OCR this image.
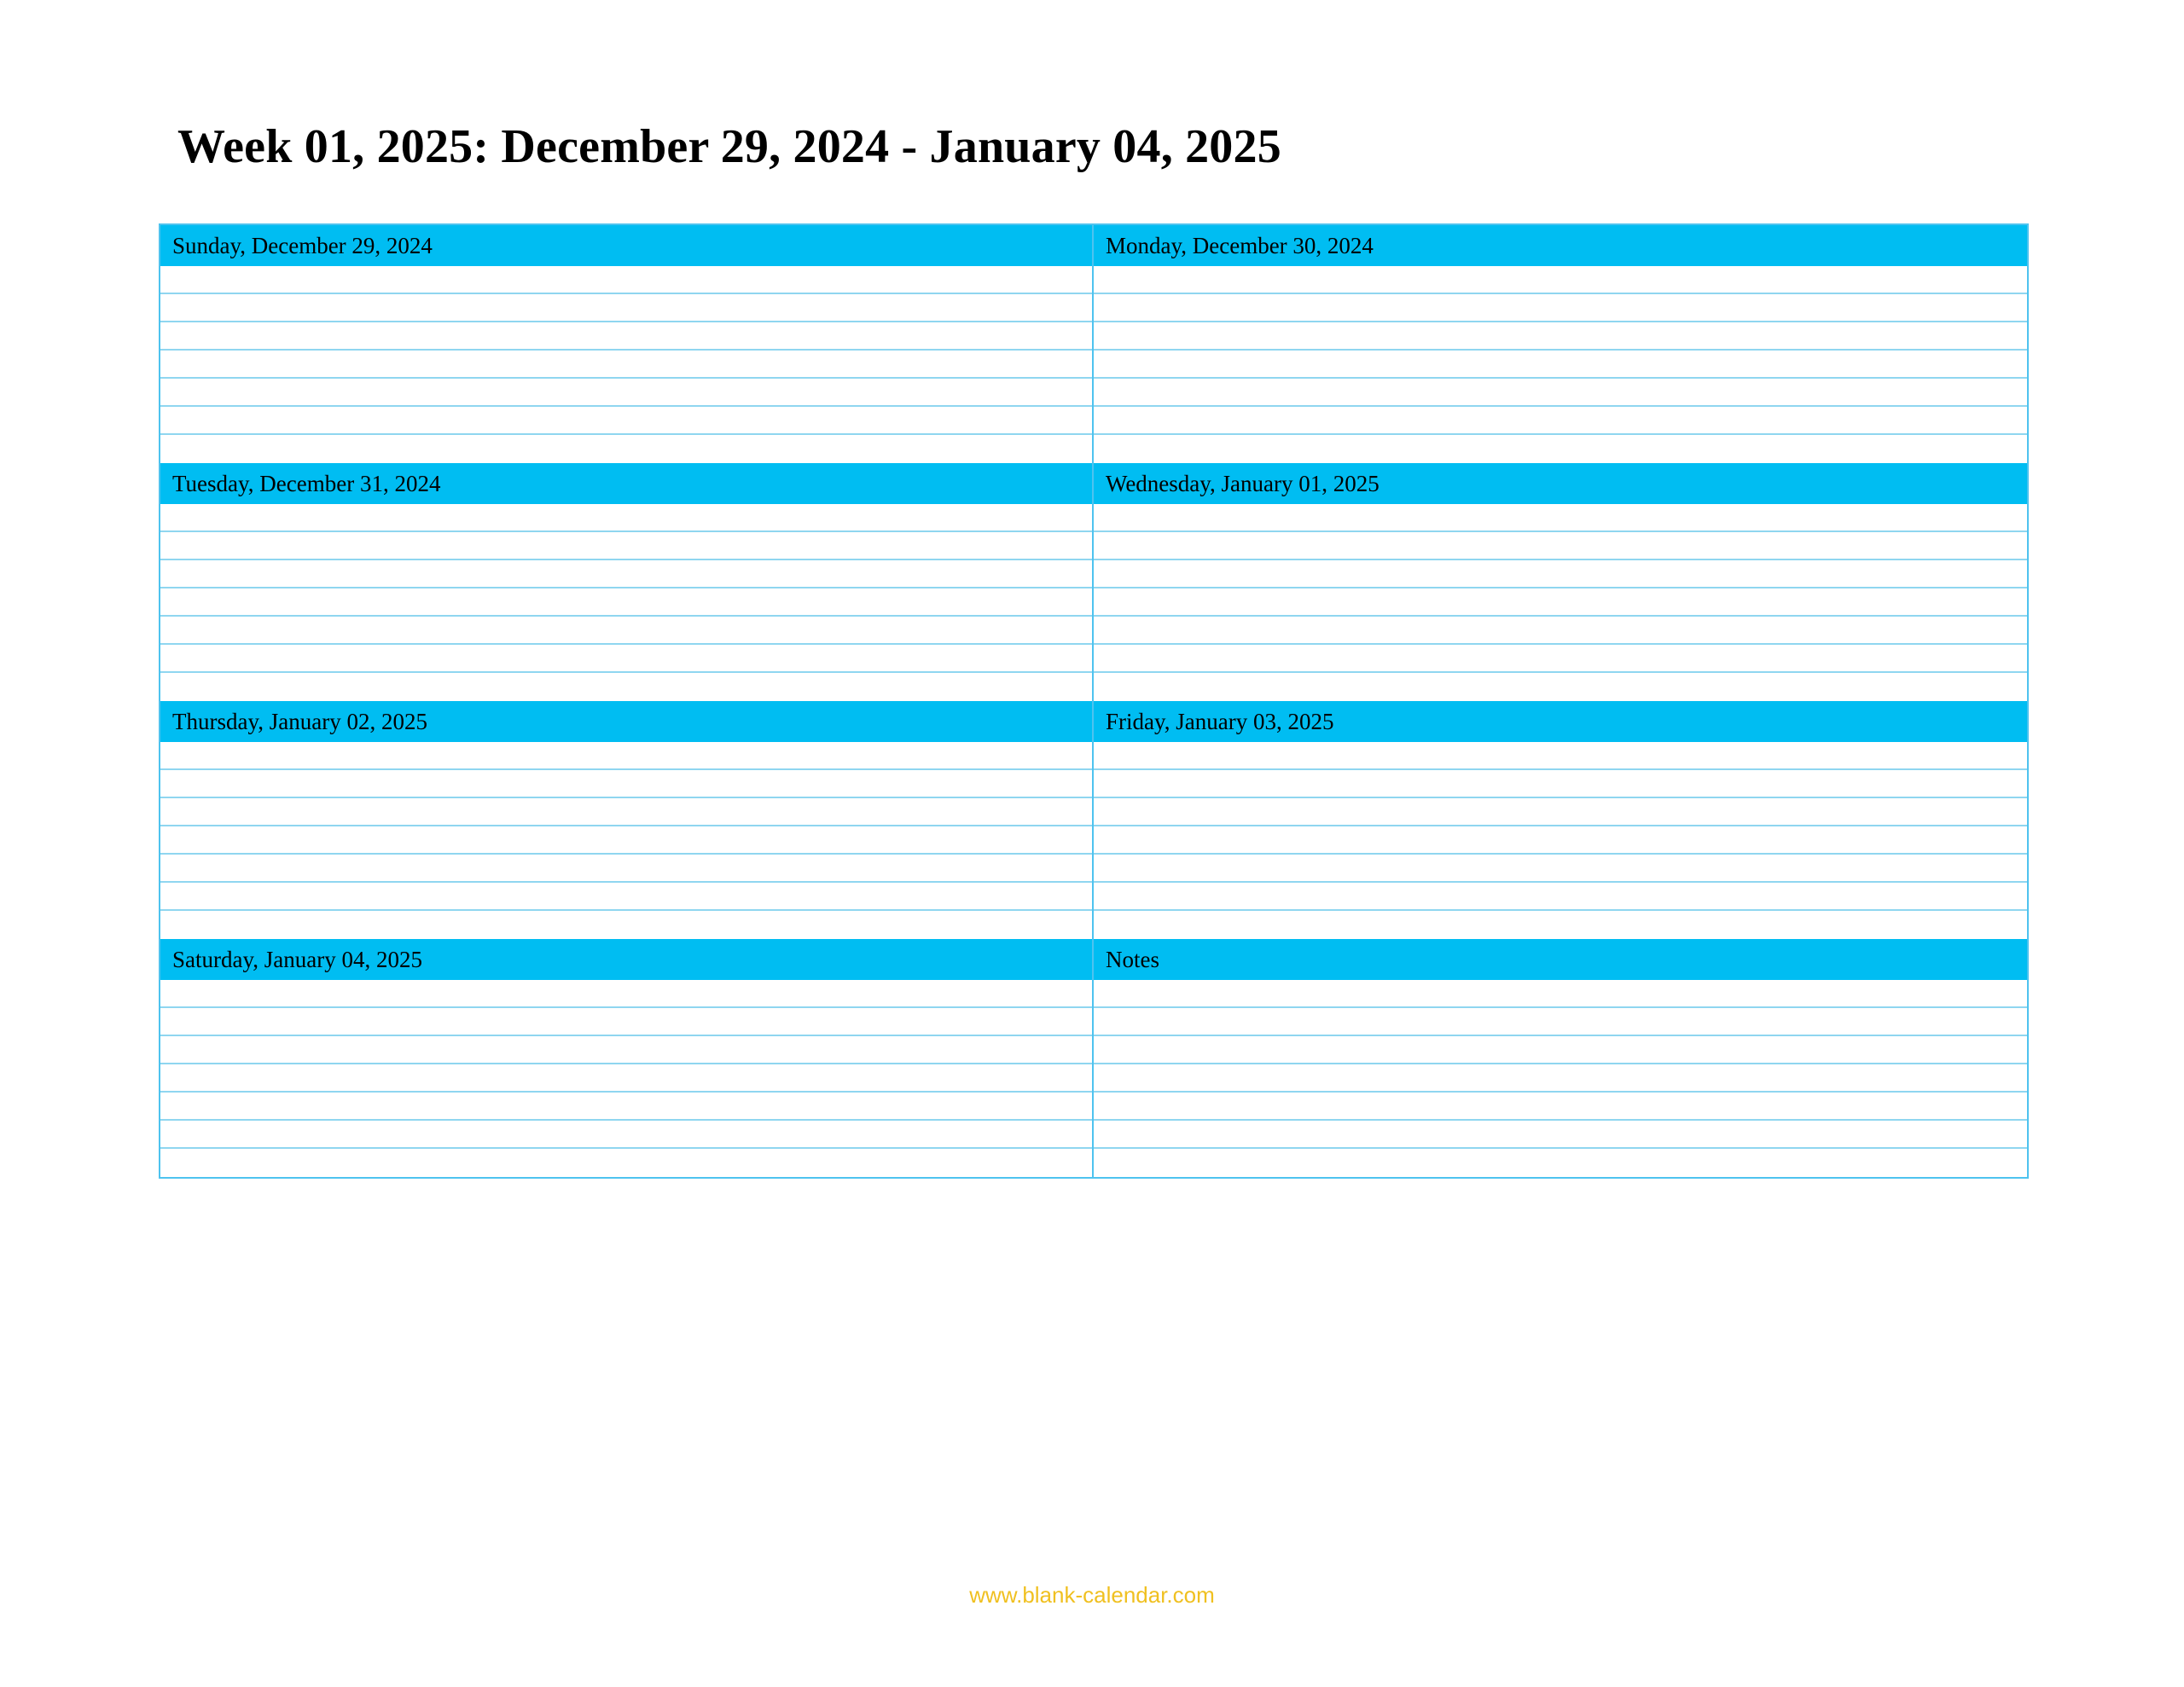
Week 01, 2025: December 29, 2024 - January 04, 2025
Sunday, December 29, 2024	Monday, December 30, 2024
Tuesday, December 31, 2024	Wednesday, January 01, 2025
Thursday, January 02, 2025	Friday, January 03, 2025
Saturday, January 04, 2025	Notes
www.blank-calendar.com
